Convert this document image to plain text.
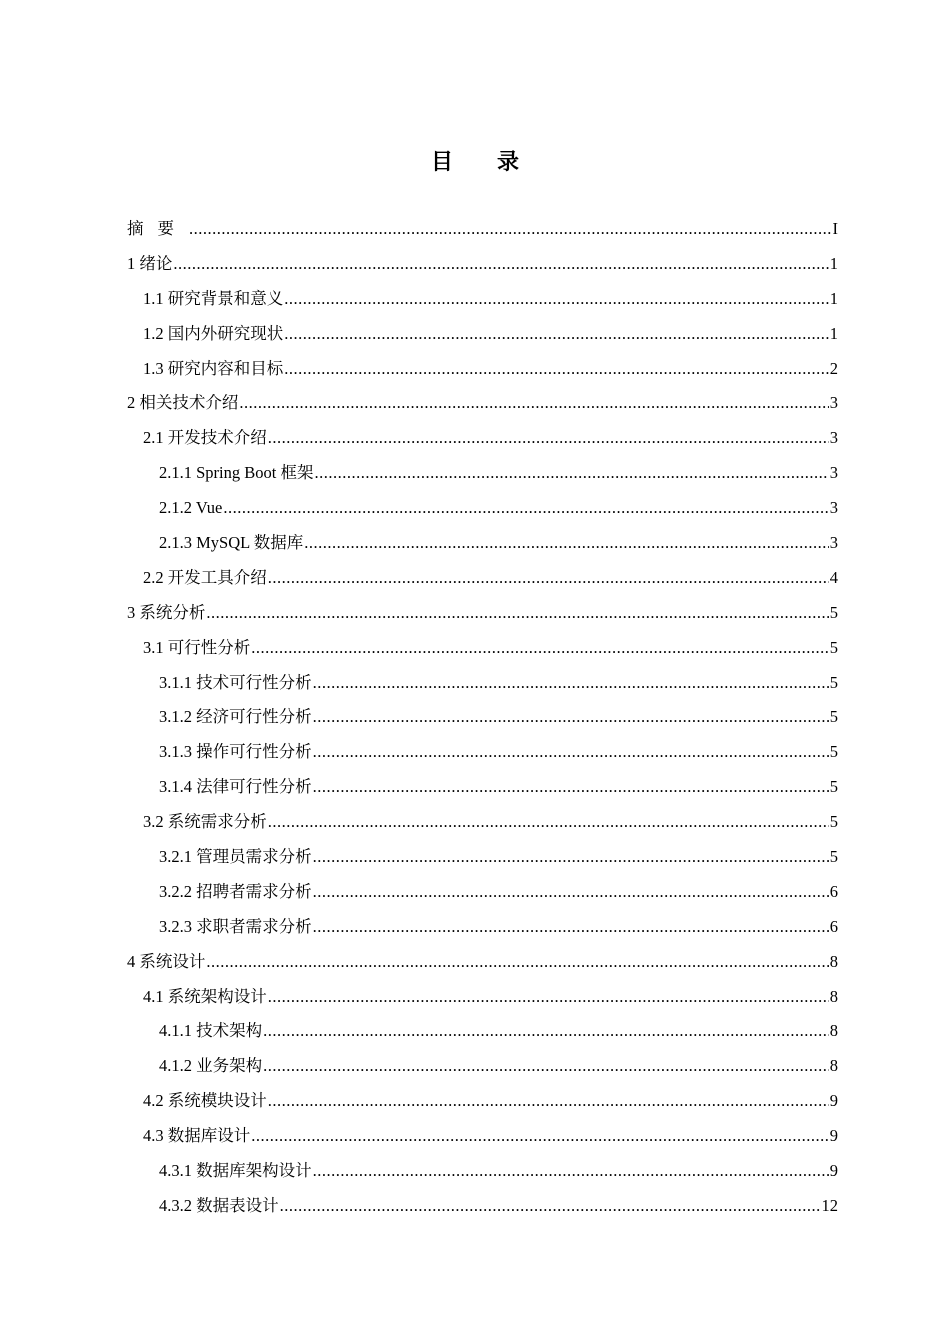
目录
摘要 .....	I
1 绪论 .....	1
1.1 研究背景和意义 .....	1
1.2 国内外研究现状 .....	1
1.3 研究内容和目标 .....	2
2 相关技术介绍 .....	3
2.1 开发技术介绍 .....	3
2.1.1 Spring Boot 框架 .....	3
2.1.2 Vue .....	3
2.1.3 MySQL 数据库 .....	3
2.2 开发工具介绍 .....	4
3 系统分析 .....	5
3.1 可行性分析 .....	5
3.1.1 技术可行性分析 .....	5
3.1.2 经济可行性分析 .....	5
3.1.3 操作可行性分析 .....	5
3.1.4 法律可行性分析 .....	5
3.2 系统需求分析 .....	5
3.2.1 管理员需求分析 .....	5
3.2.2 招聘者需求分析 .....	6
3.2.3 求职者需求分析 .....	6
4 系统设计 .....	8
4.1 系统架构设计 .....	8
4.1.1 技术架构 .....	8
4.1.2 业务架构 .....	8
4.2 系统模块设计 .....	9
4.3 数据库设计 .....	9
4.3.1 数据库架构设计 .....	9
4.3.2 数据表设计 .....	12
